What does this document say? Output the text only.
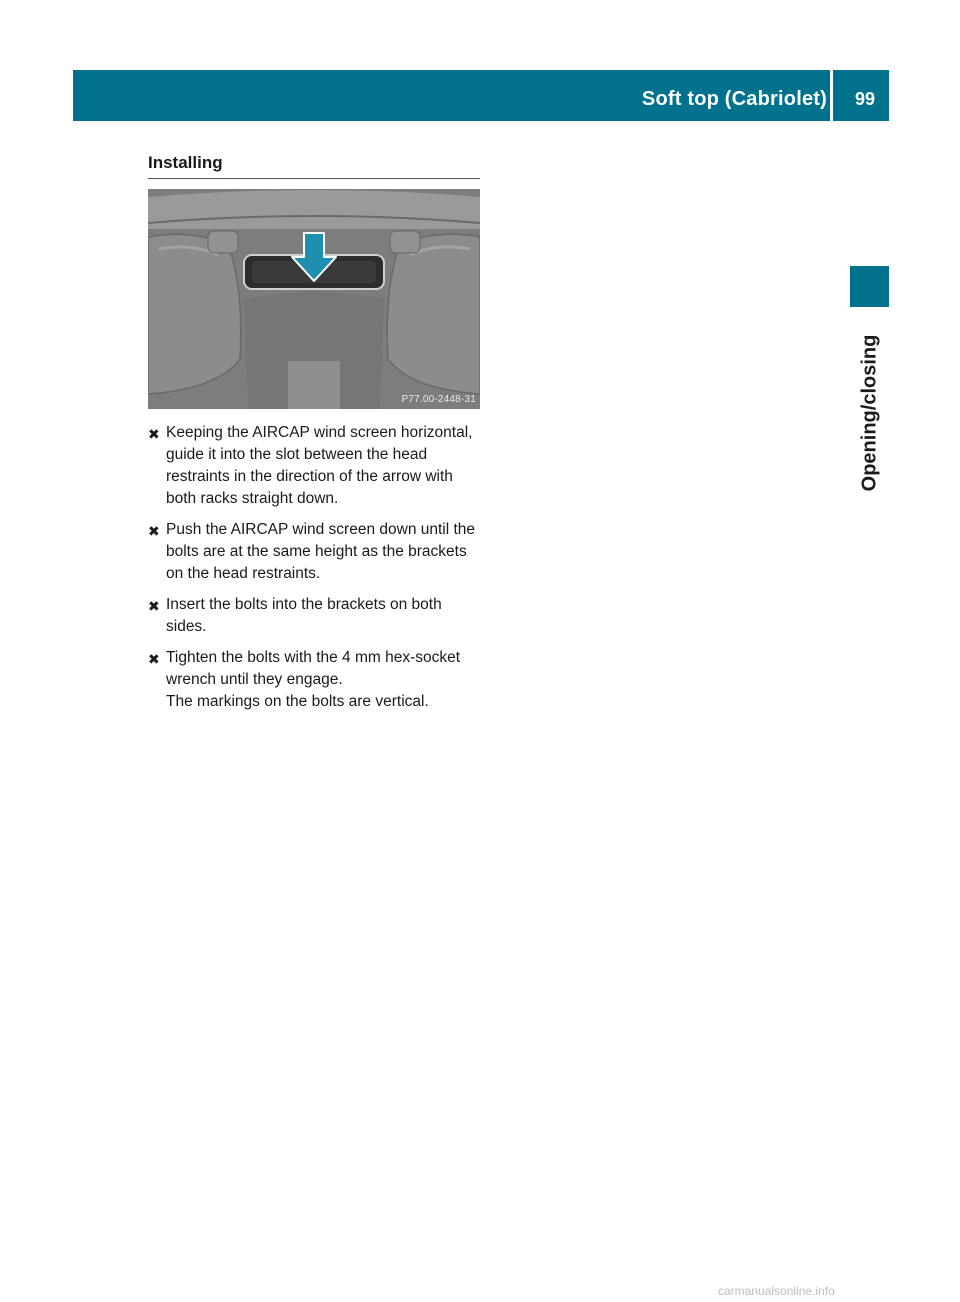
Soft top (Cabriolet) 99
Opening/closing
Installing
P77.00-2448-31
✖ Keeping the AIRCAP wind screen horizontal, guide it into the slot between the head restraints in the direction of the arrow with both racks straight down.
✖ Push the AIRCAP wind screen down until the bolts are at the same height as the brackets on the head restraints.
✖ Insert the bolts into the brackets on both sides.
✖ Tighten the bolts with the 4 mm hex-socket wrench until they engage.
The markings on the bolts are vertical.
carmanualsonline.info
